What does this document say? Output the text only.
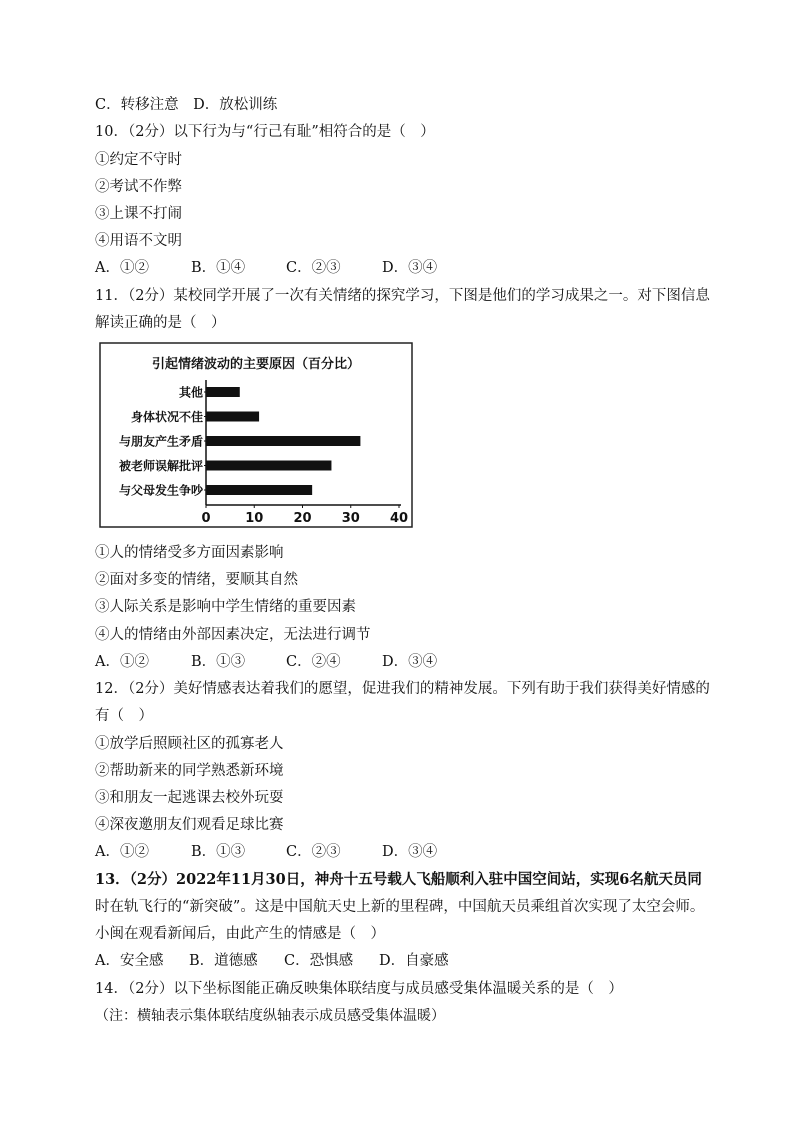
C．转移注意　D．放松训练
10．（2分）以下行为与“行己有耻”相符合的是（　）
①约定不守时
②考试不作弊
③上课不打闹
④用语不文明
A．①②	B．①④	C．②③	D．③④
11．（2分）某校同学开展了一次有关情绪的探究学习，下图是他们的学习成果之一。对下图信息
解读正确的是（　）
引起情绪波动的主要原因（百分比）
其他
身体状况不佳
与朋友产生矛盾
被老师误解批评
与父母发生争吵
0	10 20 30 40
①人的情绪受多方面因素影响
②面对多变的情绪，要顺其自然
③人际关系是影响中学生情绪的重要因素
④人的情绪由外部因素决定，无法进行调节
A．①②	B．①③	C．②④	D．③④
12．（2分）美好情感表达着我们的愿望，促进我们的精神发展。下列有助于我们获得美好情感的
有（　）
①放学后照顾社区的孤寡老人
②帮助新来的同学熟悉新环境
③和朋友一起逃课去校外玩耍
④深夜邀朋友们观看足球比赛
A．①②	B．①③	C．②③	D．③④
13．（2分）2022年11月30日，神舟十五号载人飞船顺利入驻中国空间站，实现6名航天员同
时在轨飞行的“新突破”。这是中国航天史上新的里程碑，中国航天员乘组首次实现了太空会师。
小闽在观看新闻后，由此产生的情感是（　）
A．安全感 B．道德感 C．恐惧感 D．自豪感
14．（2分）以下坐标图能正确反映集体联结度与成员感受集体温暖关系的是（　）
（注：横轴表示集体联结度纵轴表示成员感受集体温暖）
